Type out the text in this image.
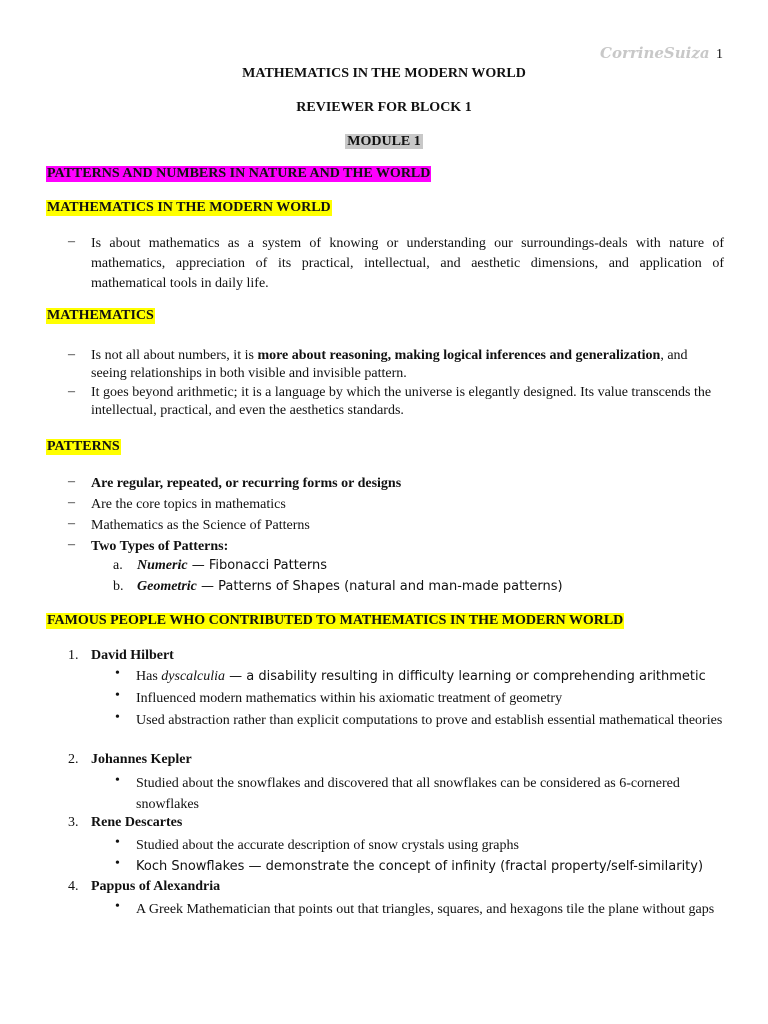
CorrineSuiza 1
MATHEMATICS IN THE MODERN WORLD
REVIEWER FOR BLOCK 1
MODULE 1
PATTERNS AND NUMBERS IN NATURE AND THE WORLD
MATHEMATICS IN THE MODERN WORLD
– Is about mathematics as a system of knowing or understanding our surroundings-deals with nature of mathematics, appreciation of its practical, intellectual, and aesthetic dimensions, and application of mathematical tools in daily life.
MATHEMATICS
– Is not all about numbers, it is more about reasoning, making logical inferences and generalization, and seeing relationships in both visible and invisible pattern.
– It goes beyond arithmetic; it is a language by which the universe is elegantly designed. Its value transcends the intellectual, practical, and even the aesthetics standards.
PATTERNS
– Are regular, repeated, or recurring forms or designs
– Are the core topics in mathematics
– Mathematics as the Science of Patterns
– Two Types of Patterns:
a. Numeric — Fibonacci Patterns
b. Geometric — Patterns of Shapes (natural and man-made patterns)
FAMOUS PEOPLE WHO CONTRIBUTED TO MATHEMATICS IN THE MODERN WORLD
1. David Hilbert
• Has dyscalculia — a disability resulting in difficulty learning or comprehending arithmetic
• Influenced modern mathematics within his axiomatic treatment of geometry
• Used abstraction rather than explicit computations to prove and establish essential mathematical theories
2. Johannes Kepler
• Studied about the snowflakes and discovered that all snowflakes can be considered as 6-cornered snowflakes
3. Rene Descartes
• Studied about the accurate description of snow crystals using graphs
• Koch Snowflakes — demonstrate the concept of infinity (fractal property/self-similarity)
4. Pappus of Alexandria
• A Greek Mathematician that points out that triangles, squares, and hexagons tile the plane without gaps
